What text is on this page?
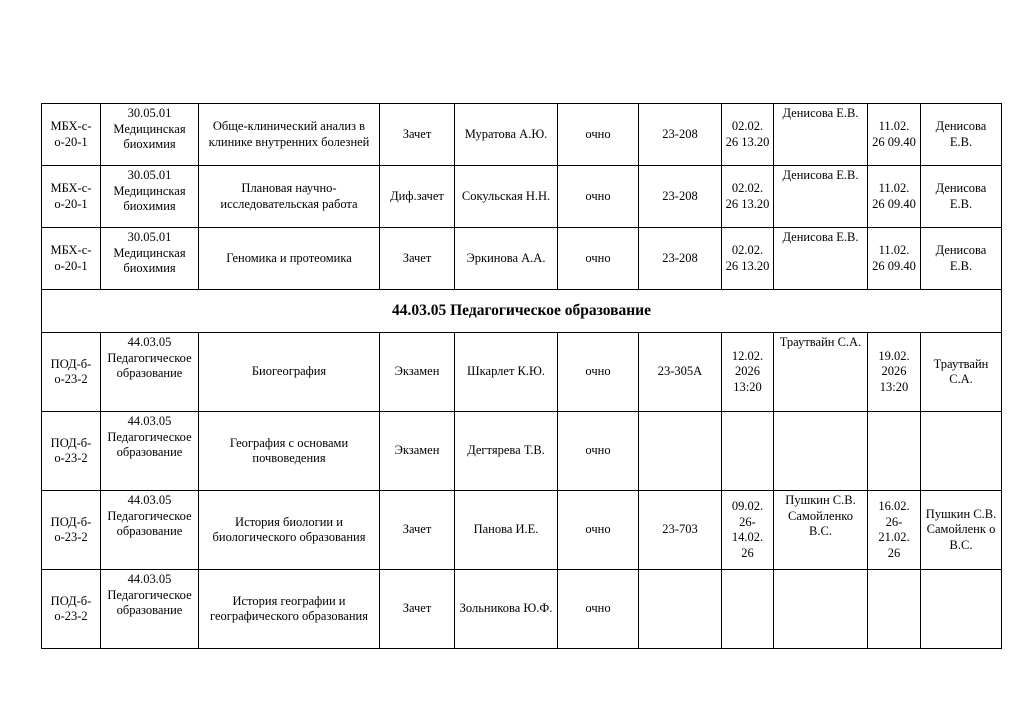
МБХ-с-о-20-1	30.05.01 Медицинская биохимия	Обще-клинический анализ в клинике внутренних болезней	Зачет	Муратова А.Ю.	очно	23-208	02.02. 26 13.20	Денисова Е.В.	11.02. 26 09.40	Денисова Е.В.
МБХ-с-о-20-1	30.05.01 Медицинская биохимия	Плановая научно-исследовательская работа	Диф.зачет	Сокульская Н.Н.	очно	23-208	02.02. 26 13.20	Денисова Е.В.	11.02. 26 09.40	Денисова Е.В.
МБХ-с-о-20-1	30.05.01 Медицинская биохимия	Геномика и протеомика	Зачет	Эркинова А.А.	очно	23-208	02.02. 26 13.20	Денисова Е.В.	11.02. 26 09.40	Денисова Е.В.
44.03.05 Педагогическое образование										
ПОД-б-о-23-2	44.03.05 Педагогическое образование	Биогеография	Экзамен	Шкарлет К.Ю.	очно	23-305А	12.02. 2026 13:20	Траутвайн С.А.	19.02. 2026 13:20	Траутвайн С.А.
ПОД-б-о-23-2	44.03.05 Педагогическое образование	География с основами почвоведения	Экзамен	Дегтярева Т.В.	очно					
ПОД-б-о-23-2	44.03.05 Педагогическое образование	История биологии и биологического образования	Зачет	Панова И.Е.	очно	23-703	09.02. 26- 14.02. 26	Пушкин С.В. Самойленко В.С.	16.02. 26- 21.02. 26	Пушкин С.В. Самойленк о В.С.
ПОД-б-о-23-2	44.03.05 Педагогическое образование	История географии и географического образования	Зачет	Зольникова Ю.Ф.	очно					
